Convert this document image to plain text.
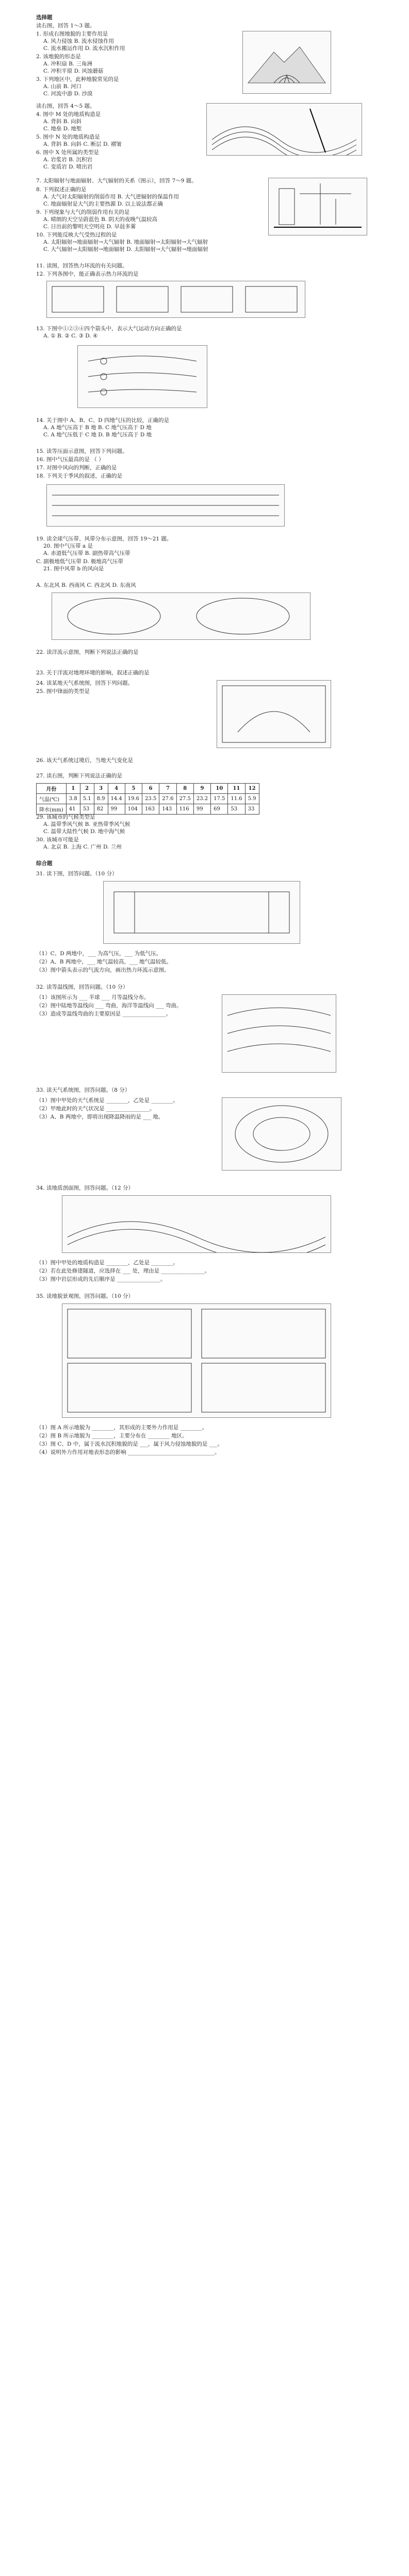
选择题
读右图，回答 1～3 题。
1. 形成右图地貌的主要作用是
A. 风力侵蚀 B. 流水侵蚀作用
C. 流水搬运作用 D. 流水沉积作用
2. 该地貌的形态是
A. 冲积扇 B. 三角洲
C. 冲积平原 D. 风蚀蘑菇
3. 下列地区中，此种地貌常见的是
A. 山前 B. 河口
C. 河流中游 D. 沙漠
读右图，回答 4～5 题。
4. 图中 M 处的地质构造是
A. 背斜 B. 向斜
C. 地垒 D. 地堑
5. 图中 N 处的地质构造是
A. 背斜 B. 向斜 C. 断层 D. 褶皱
6. 图中 X 处所属的类型是
A. 岩浆岩 B. 沉积岩
C. 变质岩 D. 喷出岩
7. 太阳辐射与地面辐射、大气辐射的关系（图示），回答 7～9 题。
8. 下列叙述正确的是
A. 大气对太阳辐射的削弱作用 B. 大气逆辐射的保温作用
C. 地面辐射是大气的主要热源 D. 以上说法都正确
9. 下列现象与大气的削弱作用有关的是
A. 晴朗的天空呈蔚蓝色 B. 阴天的夜晚气温较高
C. 日出前的黎明天空明亮 D. 早晨多雾
10. 下列能反映大气受热过程的是
A. 太阳辐射→地面辐射→大气辐射 B. 地面辐射→太阳辐射→大气辐射
C. 大气辐射→太阳辐射→地面辐射 D. 太阳辐射→大气辐射→地面辐射
11. 读图，回答热力环流的有关问题。
12. 下列各图中，能正确表示热力环流的是
13. 下图中①②③④四个箭头中，表示大气运动方向正确的是
A. ① B. ② C. ③ D. ④
14. 关于图中 A、B、C、D 四地气压的比较，正确的是
A. A 地气压高于 B 地 B. C 地气压高于 D 地
C. A 地气压低于 C 地 D. B 地气压高于 D 地
15. 读等压面示意图，回答下列问题。
16. 图中气压最高的是 （ ）
17. 对图中风向的判断，正确的是
18. 下列关于季风的叙述，正确的是
19. 读全球气压带、风带分布示意图，回答 19～21 题。
20. 图中气压带 a 是
A. 赤道低气压带 B. 副热带高气压带
C. 副极地低气压带 D. 极地高气压带
21. 图中风带 b 的风向是
A. 东北风 B. 西南风 C. 西北风 D. 东南风
22. 读洋流示意图，判断下列说法正确的是
23. 关于洋流对地理环境的影响，叙述正确的是
24. 读某地天气系统图，回答下列问题。
25. 图中锋面的类型是
26. 该天气系统过境后，当地天气变化是
27. 读右图，判断下列说法正确的是
月份	1	2	3	4	5	6	7	8	9	10	11	12
气温(℃)	3.8	5.1	8.9	14.4	19.6	23.5	27.6	27.5	23.2	17.5	11.6	5.9
降水(mm)	41	53	82	99	104	163	143	116	99	69	53	33
29. 该城市的气候类型是
A. 温带季风气候 B. 亚热带季风气候
C. 温带大陆性气候 D. 地中海气候
30. 该城市可能是
A. 北京 B. 上海 C. 广州 D. 兰州
综合题
31. 读下图，回答问题。（10 分）
（1）C、D 两地中，___ 为高气压，___ 为低气压。
（2）A、B 两地中，___ 地气温较高，___ 地气温较低。
（3）图中箭头表示的气流方向，画出热力环流示意图。
32. 读等温线图，回答问题。（10 分）
（1）该图所示为 ___ 半球 ___ 月等温线分布。
（2）图中陆地等温线向 ___ 弯曲，海洋等温线向 ___ 弯曲。
（3）造成等温线弯曲的主要原因是 ________________。
33. 读天气系统图，回答问题。（8 分）
（1）图中甲处的天气系统是 ________，乙处是 ________。
（2）甲地此时的天气状况是 ________________。
（3）A、B 两地中，即将出现降温降雨的是 ___ 地。
34. 读地质剖面图，回答问题。（12 分）
（1）图中甲处的地质构造是 ________，乙处是 ________。
（2）若在此处修建隧道，应选择在 ___ 处，理由是 ________________。
（3）图中岩层形成的先后顺序是 ________________。
35. 读地貌景观图，回答问题。（10 分）
（1）图 A 所示地貌为 ________，其形成的主要外力作用是 ________。
（2）图 B 所示地貌为 ________，主要分布在 ________ 地区。
（3）图 C、D 中，属于流水沉积地貌的是 ___，属于风力侵蚀地貌的是 ___。
（4）说明外力作用对地表形态的影响 ________________________________。
